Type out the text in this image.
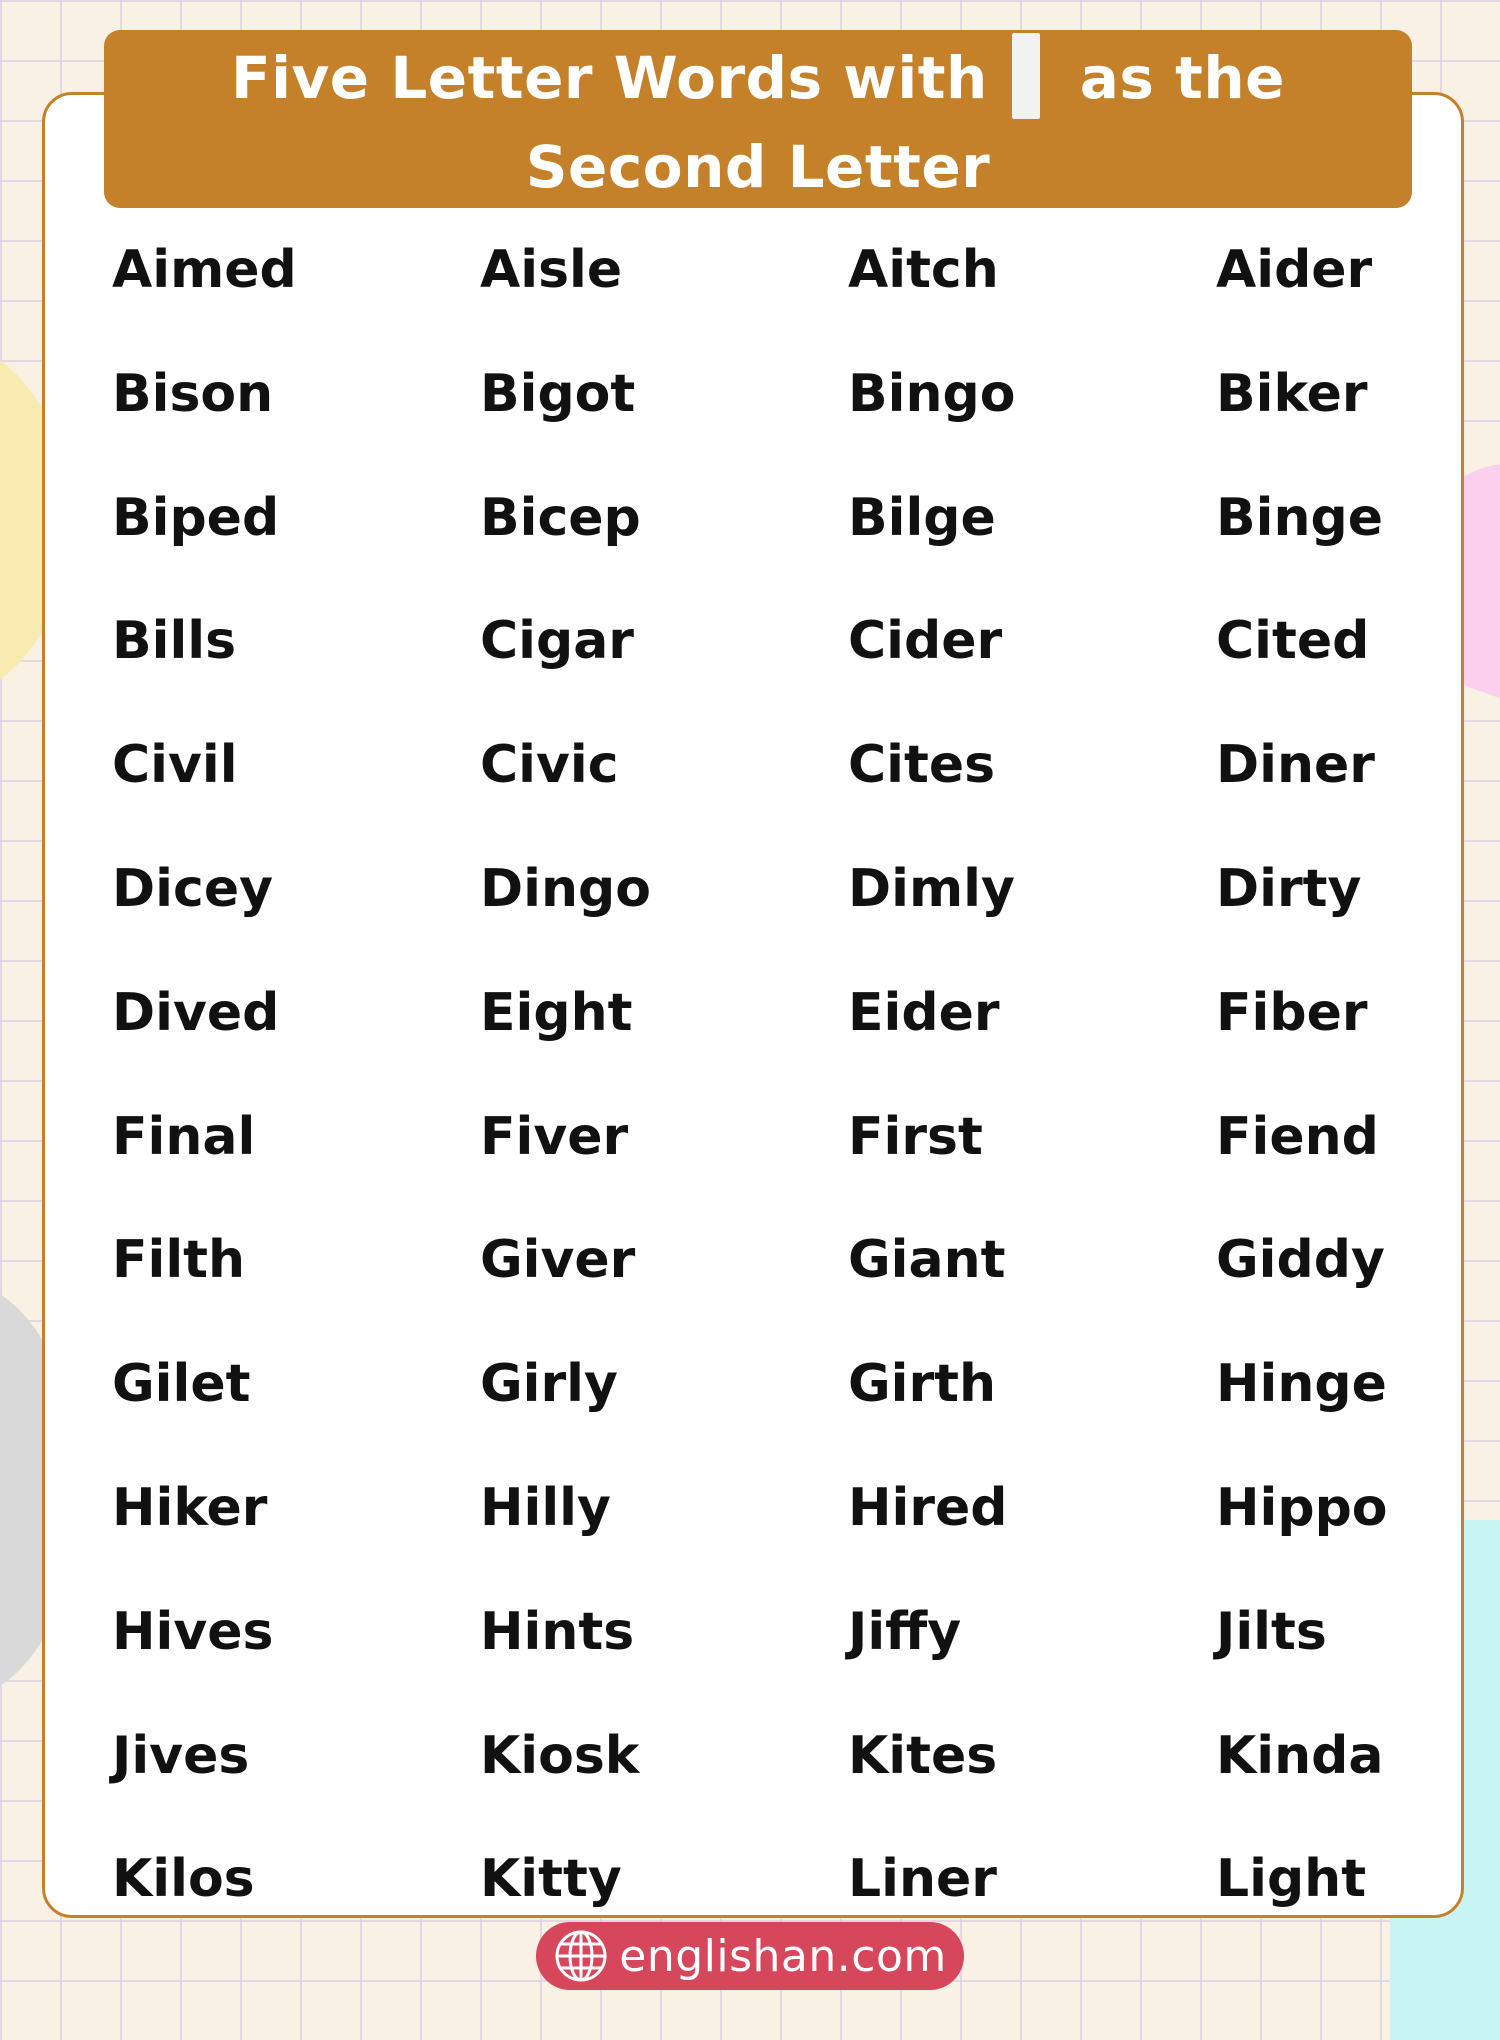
Five Letter Words with as the Second Letter
Aimed	Aisle	Aitch	Aider
Bison	Bigot	Bingo	Biker
Biped	Bicep	Bilge	Binge
Bills	Cigar	Cider	Cited
Civil	Civic	Cites	Diner
Dicey	Dingo	Dimly	Dirty
Dived	Eight	Eider	Fiber
Final	Fiver	First	Fiend
Filth	Giver	Giant	Giddy
Gilet	Girly	Girth	Hinge
Hiker	Hilly	Hired	Hippo
Hives	Hints	Jiffy	Jilts
Jives	Kiosk	Kites	Kinda
Kilos	Kitty	Liner	Light
englishan.com
